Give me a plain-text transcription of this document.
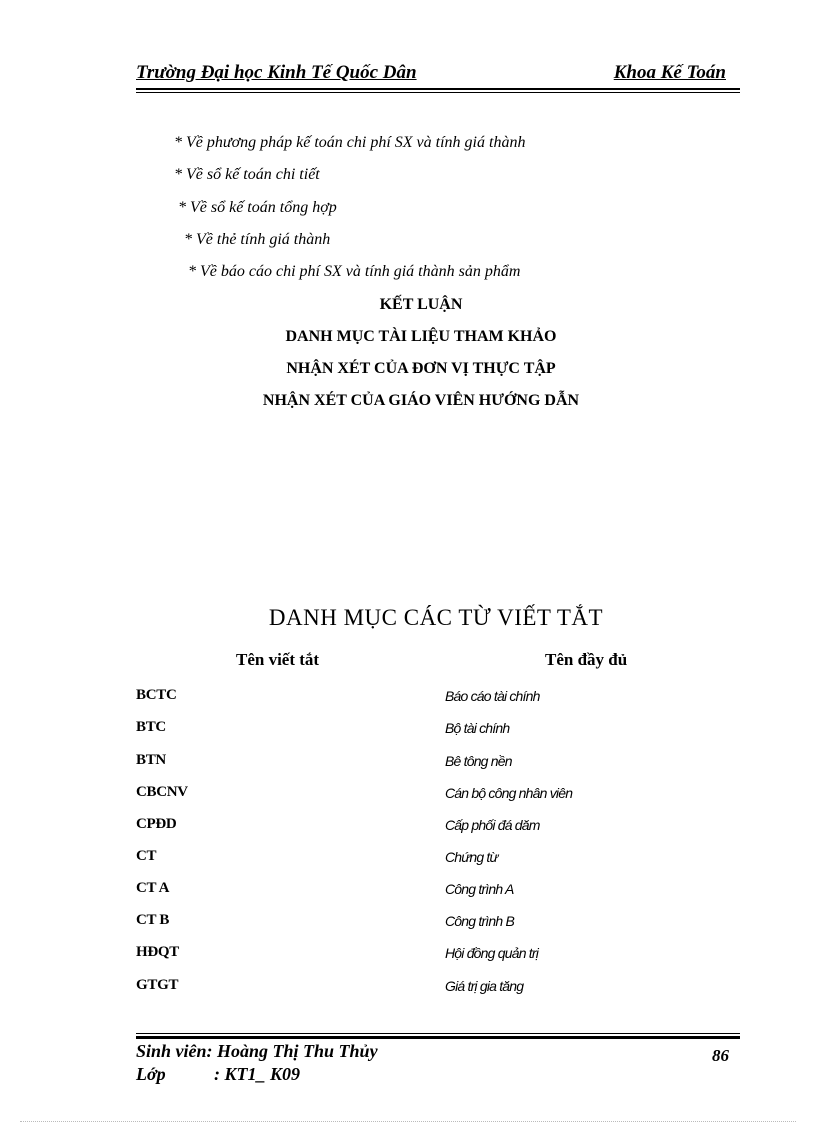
Trường Đại học Kinh Tế Quốc Dân	Khoa Kế Toán
* Về phương pháp kế toán chi phí SX và tính giá thành
* Về sổ kế toán chi tiết
* Về sổ kế toán tổng hợp
* Về thẻ tính giá thành
* Về báo cáo chi phí SX và tính giá thành sản phẩm
KẾT LUẬN
DANH MỤC TÀI LIỆU THAM KHẢO
NHẬN XÉT CỦA ĐƠN VỊ THỰC TẬP
NHẬN XÉT CỦA GIÁO VIÊN HƯỚNG DẪN
DANH MỤC CÁC TỪ VIẾT TẮT
Tên viết tắt	Tên đầy đủ
BCTC	Báo cáo tài chính
BTC	Bộ tài chính
BTN	Bê tông nền
CBCNV	Cán bộ công nhân viên
CPĐD	Cấp phối đá dăm
CT	Chứng từ
CT A	Công trình A
CT B	Công trình B
HĐQT	Hội đồng quản trị
GTGT	Giá trị gia tăng
Sinh viên: Hoàng Thị Thu Thủy
Lớp	: KT1_ K09
86
